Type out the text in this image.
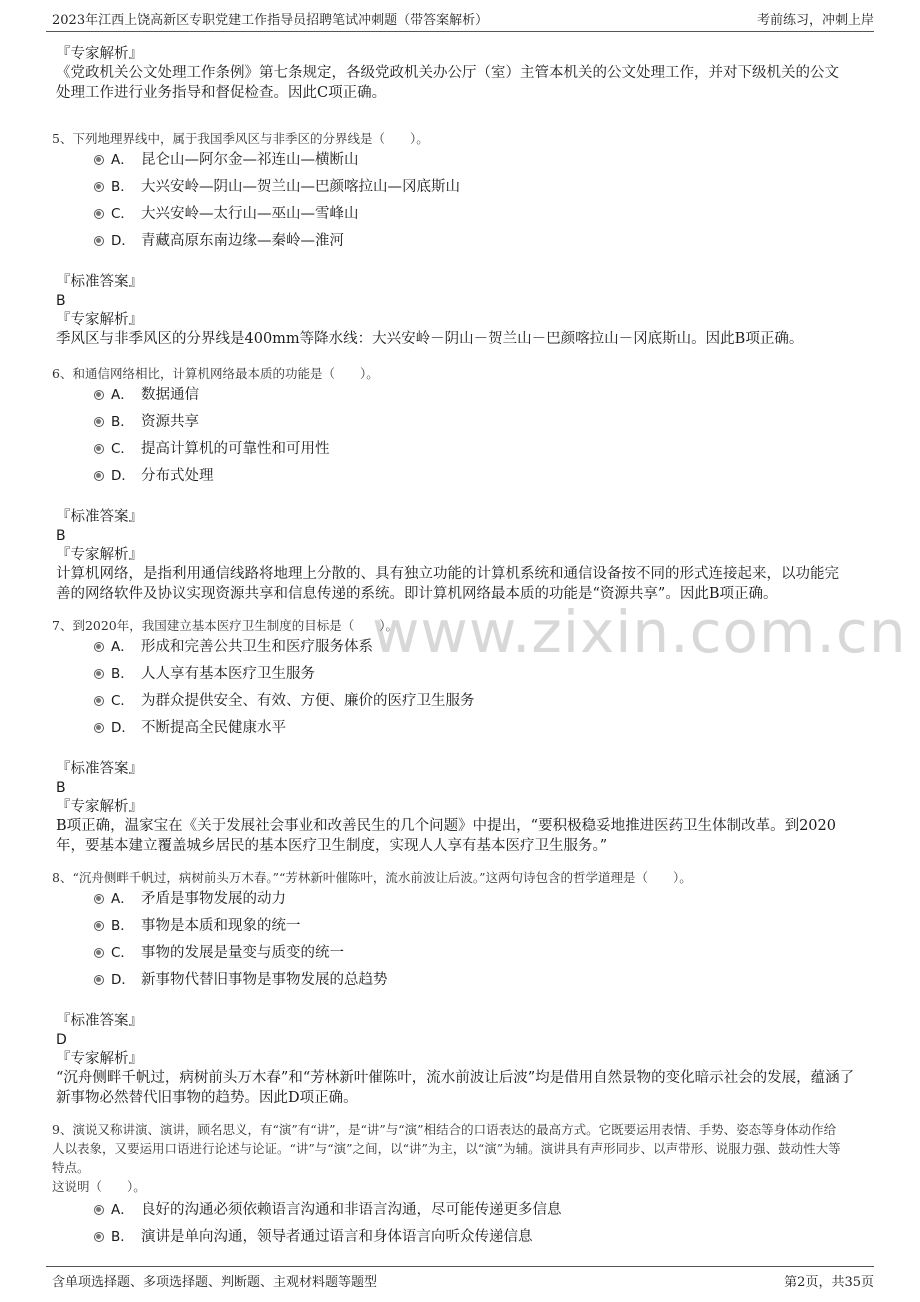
2023年江西上饶高新区专职党建工作指导员招聘笔试冲刺题（带答案解析）	考前练习，冲刺上岸
www.zixin.com.cn
『专家解析』
《党政机关公文处理工作条例》第七条规定，各级党政机关办公厅（室）主管本机关的公文处理工作，并对下级机关的公文
处理工作进行业务指导和督促检查。因此C项正确。
5、下列地理界线中，属于我国季风区与非季区的分界线是（　　）。
A． 昆仑山—阿尔金—祁连山—横断山
B． 大兴安岭—阴山—贺兰山—巴颜喀拉山—冈底斯山
C． 大兴安岭—太行山—巫山—雪峰山
D． 青藏高原东南边缘—秦岭—淮河
『标准答案』
B
『专家解析』
季风区与非季风区的分界线是400mm等降水线：大兴安岭－阴山－贺兰山－巴颜喀拉山－冈底斯山。因此B项正确。
6、和通信网络相比，计算机网络最本质的功能是（　　）。
A． 数据通信
B． 资源共享
C． 提高计算机的可靠性和可用性
D． 分布式处理
『标准答案』
B
『专家解析』
计算机网络，是指利用通信线路将地理上分散的、具有独立功能的计算机系统和通信设备按不同的形式连接起来，以功能完
善的网络软件及协议实现资源共享和信息传递的系统。即计算机网络最本质的功能是“资源共享”。因此B项正确。
7、到2020年，我国建立基本医疗卫生制度的目标是（　　）。
A． 形成和完善公共卫生和医疗服务体系
B． 人人享有基本医疗卫生服务
C． 为群众提供安全、有效、方便、廉价的医疗卫生服务
D． 不断提高全民健康水平
『标准答案』
B
『专家解析』
B项正确，温家宝在《关于发展社会事业和改善民生的几个问题》中提出，“要积极稳妥地推进医药卫生体制改革。到2020
年，要基本建立覆盖城乡居民的基本医疗卫生制度，实现人人享有基本医疗卫生服务。”
8、“沉舟侧畔千帆过，病树前头万木春。”“芳林新叶催陈叶，流水前波让后波。”这两句诗包含的哲学道理是（　　）。
A． 矛盾是事物发展的动力
B． 事物是本质和现象的统一
C． 事物的发展是量变与质变的统一
D． 新事物代替旧事物是事物发展的总趋势
『标准答案』
D
『专家解析』
“沉舟侧畔千帆过，病树前头万木春”和“芳林新叶催陈叶，流水前波让后波”均是借用自然景物的变化暗示社会的发展，蕴涵了
新事物必然替代旧事物的趋势。因此D项正确。
9、演说又称讲演、演讲，顾名思义，有“演”有“讲”，是“讲”与“演”相结合的口语表达的最高方式。它既要运用表情、手势、姿态等身体动作给
人以表象，又要运用口语进行论述与论证。“讲”与“演”之间，以“讲”为主，以“演”为辅。演讲具有声形同步、以声带形、说服力强、鼓动性大等
特点。
这说明（　　）。
A． 良好的沟通必须依赖语言沟通和非语言沟通，尽可能传递更多信息
B． 演讲是单向沟通，领导者通过语言和身体语言向听众传递信息
含单项选择题、多项选择题、判断题、主观材料题等题型	第2页，共35页
